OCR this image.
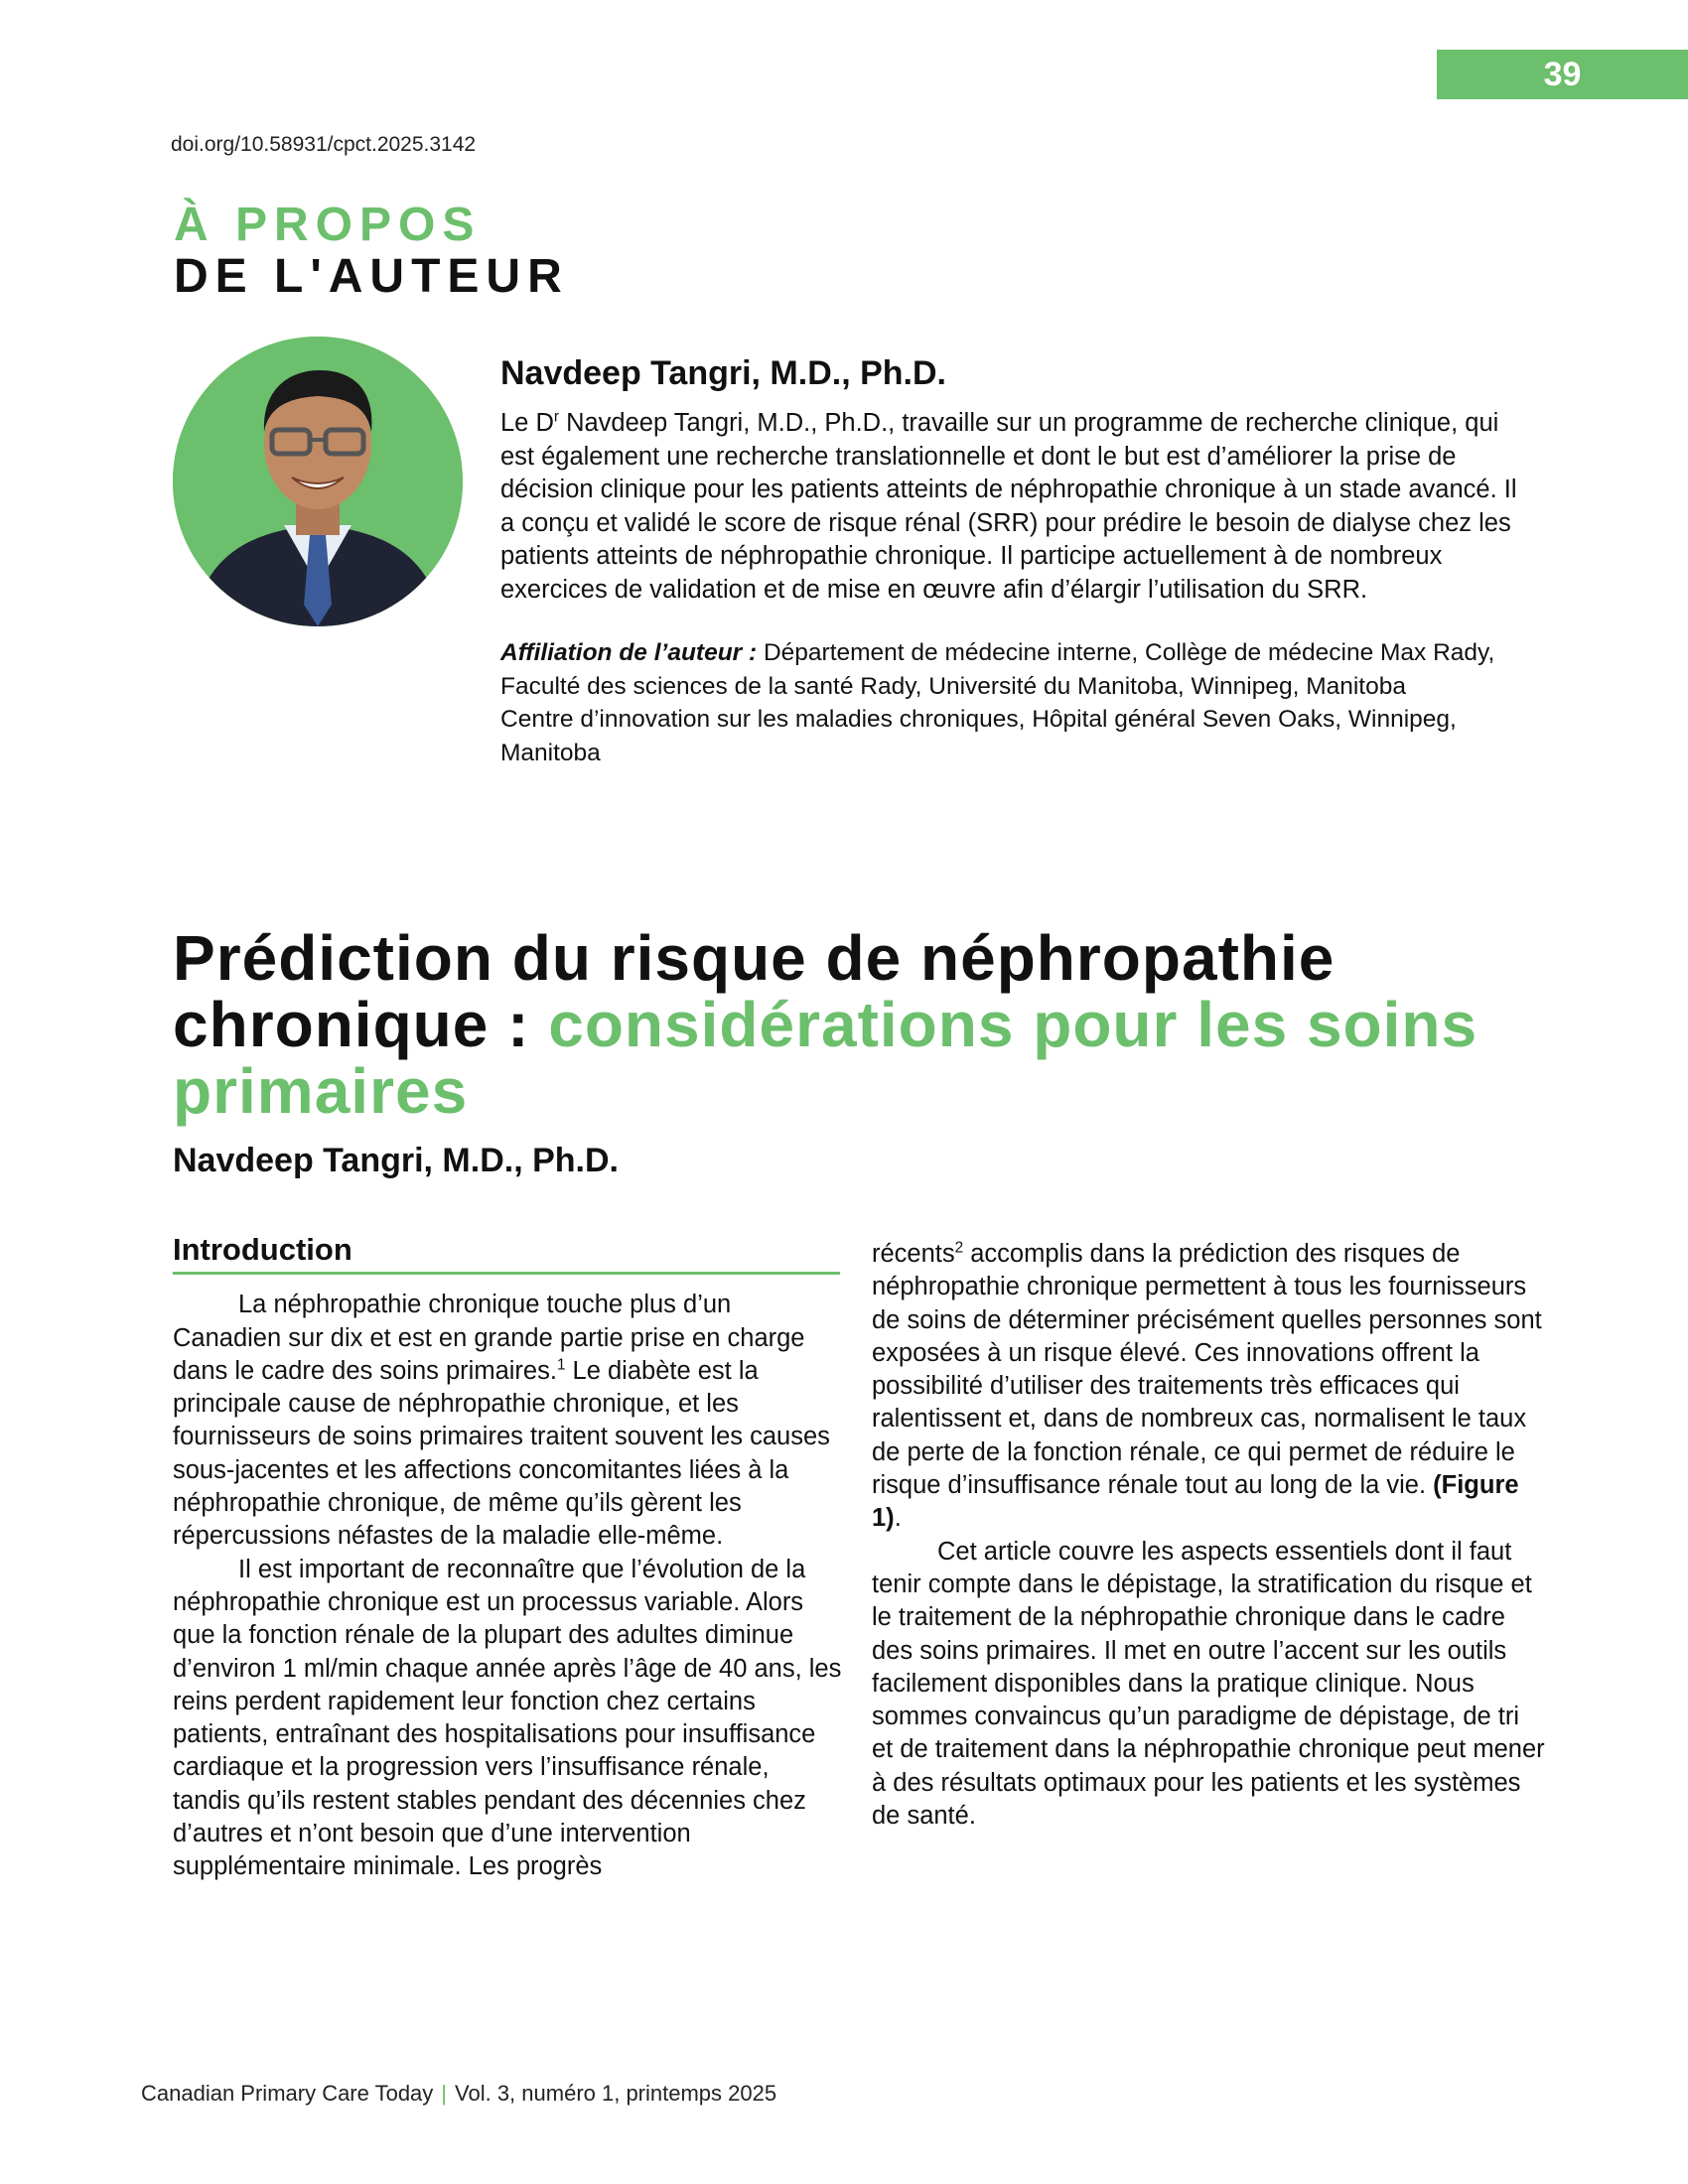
39
doi.org/10.58931/cpct.2025.3142
À PROPOS
DE L'AUTEUR
Navdeep Tangri, M.D., Ph.D.

Le $D^r$ Navdeep Tangri, M.D., Ph.D., travaille sur un programme de recherche clinique, qui est également une recherche translationnelle et dont le but est d’améliorer la prise de décision clinique pour les patients atteints de néphropathie chronique à un stade avancé. Il a conçu et validé le score de risque rénal (SRR) pour prédire le besoin de dialyse chez les patients atteints de néphropathie chronique. Il participe actuellement à de nombreux exercices de validation et de mise en œuvre afin d’élargir l’utilisation du SRR.

Affiliation de l’auteur : Département de médecine interne, Collège de médecine Max Rady, Faculté des sciences de la santé Rady, Université du Manitoba, Winnipeg, Manitoba
Centre d’innovation sur les maladies chroniques, Hôpital général Seven Oaks, Winnipeg, Manitoba

Prédiction du risque de néphropathie chronique : considérations pour les soins primaires
Navdeep Tangri, M.D., Ph.D.
Introduction

La néphropathie chronique touche plus d’un Canadien sur dix et est en grande partie prise en charge dans le cadre des soins primaires.$^1$ Le diabète est la principale cause de néphropathie chronique, et les fournisseurs de soins primaires traitent souvent les causes sous-jacentes et les affections concomitantes liées à la néphropathie chronique, de même qu’ils gèrent les répercussions néfastes de la maladie elle-même.

Il est important de reconnaître que l’évolution de la néphropathie chronique est un processus variable. Alors que la fonction rénale de la plupart des adultes diminue d’environ 1 ml/min chaque année après l’âge de 40 ans, les reins perdent rapidement leur fonction chez certains patients, entraînant des hospitalisations pour insuffisance cardiaque et la progression vers l’insuffisance rénale, tandis qu’ils restent stables pendant des décennies chez d’autres et n’ont besoin que d’une intervention supplémentaire minimale. Les progrès

récents$^2$ accomplis dans la prédiction des risques de néphropathie chronique permettent à tous les fournisseurs de soins de déterminer précisément quelles personnes sont exposées à un risque élevé. Ces innovations offrent la possibilité d’utiliser des traitements très efficaces qui ralentissent et, dans de nombreux cas, normalisent le taux de perte de la fonction rénale, ce qui permet de réduire le risque d’insuffisance rénale tout au long de la vie. (Figure 1).

Cet article couvre les aspects essentiels dont il faut tenir compte dans le dépistage, la stratification du risque et le traitement de la néphropathie chronique dans le cadre des soins primaires. Il met en outre l’accent sur les outils facilement disponibles dans la pratique clinique. Nous sommes convaincus qu’un paradigme de dépistage, de tri et de traitement dans la néphropathie chronique peut mener à des résultats optimaux pour les patients et les systèmes de santé.

Canadian Primary Care Today | Vol. 3, numéro 1, printemps 2025
